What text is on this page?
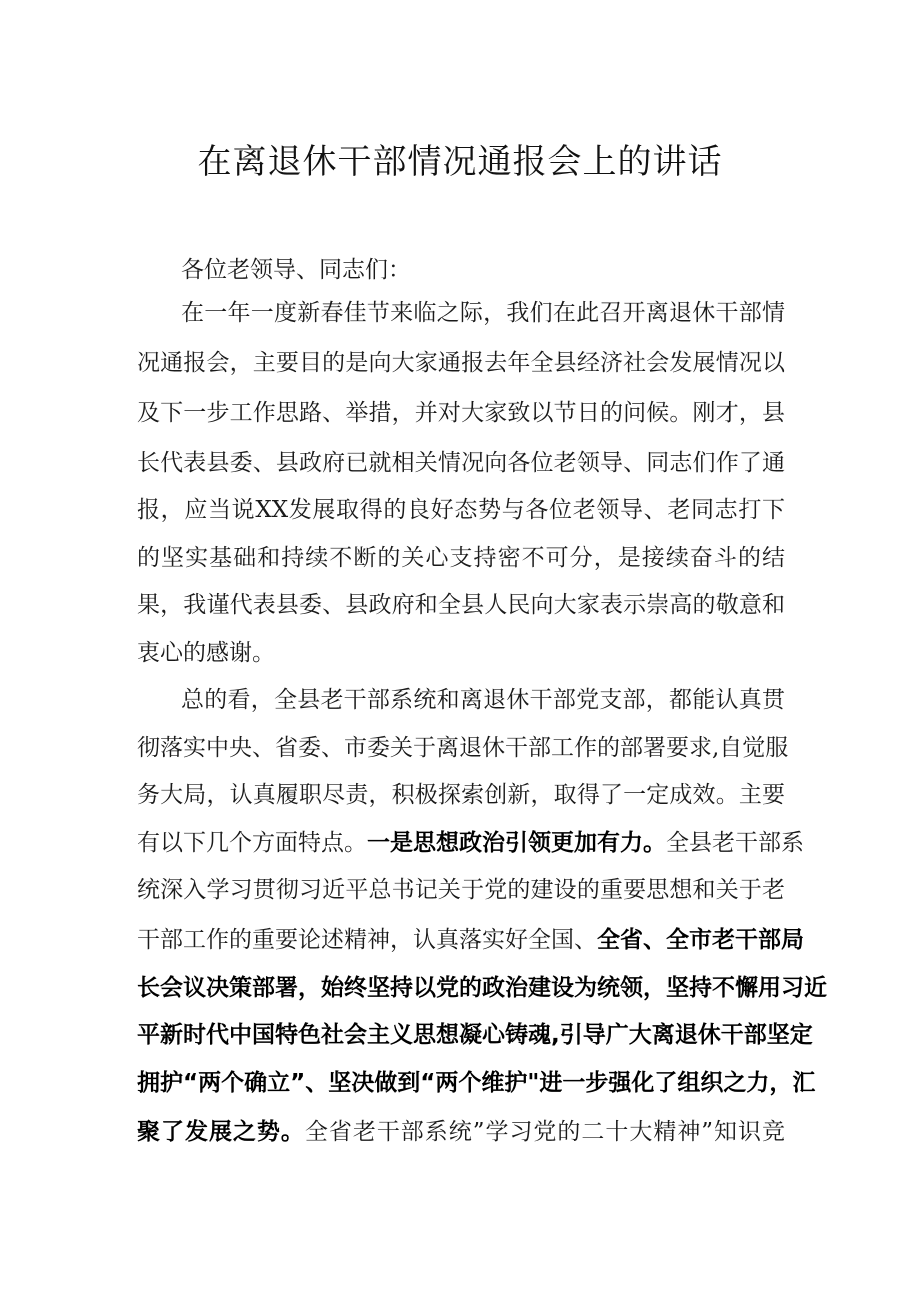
在离退休干部情况通报会上的讲话
各位老领导、同志们：
在一年一度新春佳节来临之际，我们在此召开离退休干部情
况通报会，主要目的是向大家通报去年全县经济社会发展情况以
及下一步工作思路、举措，并对大家致以节日的问候。刚才，县
长代表县委、县政府已就相关情况向各位老领导、同志们作了通
报，应当说XX发展取得的良好态势与各位老领导、老同志打下
的坚实基础和持续不断的关心支持密不可分，是接续奋斗的结
果，我谨代表县委、县政府和全县人民向大家表示崇高的敬意和
衷心的感谢。
总的看，全县老干部系统和离退休干部党支部，都能认真贯
彻落实中央、省委、市委关于离退休干部工作的部署要求,自觉服
务大局，认真履职尽责，积极探索创新，取得了一定成效。主要
有以下几个方面特点。一是思想政治引领更加有力。全县老干部系
统深入学习贯彻习近平总书记关于党的建设的重要思想和关于老
干部工作的重要论述精神，认真落实好全国、全省、全市老干部局
长会议决策部署，始终坚持以党的政治建设为统领，坚持不懈用习近
平新时代中国特色社会主义思想凝心铸魂,引导广大离退休干部坚定
拥护“两个确立”、坚决做到“两个维护"进一步强化了组织之力，汇
聚了发展之势。全省老干部系统”学习党的二十大精神”知识竞
